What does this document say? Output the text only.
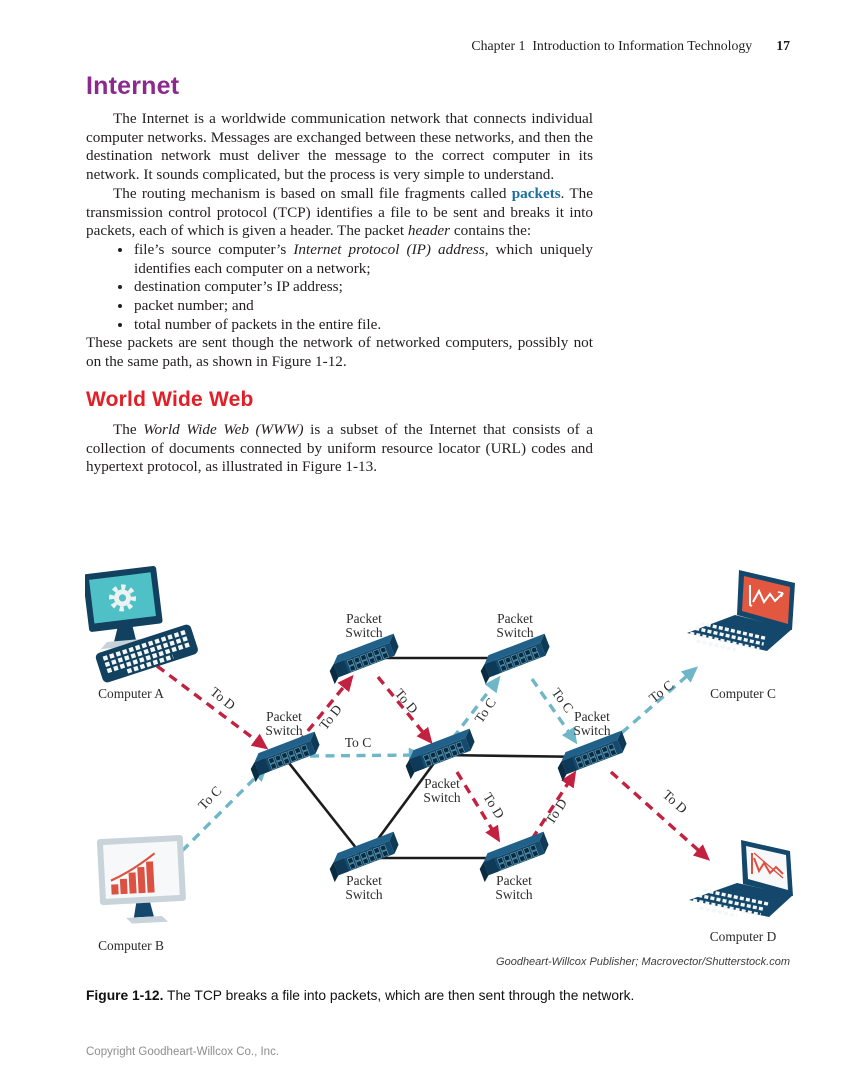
Chapter 1  Introduction to Information Technology 17
Internet

The Internet is a worldwide communication network that connects individual computer networks. Messages are exchanged between these networks, and then the destination network must deliver the message to the correct computer in its network. It sounds complicated, but the process is very simple to understand.

The routing mechanism is based on small file fragments called packets. The transmission control protocol (TCP) identifies a file to be sent and breaks it into packets, each of which is given a header. The packet header contains the:

• file’s source computer’s Internet protocol (IP) address, which uniquely identifies each computer on a network;
• destination computer’s IP address;
• packet number; and
• total number of packets in the entire file.

These packets are sent though the network of networked computers, possibly not on the same path, as shown in Figure 1-12.

World Wide Web

The World Wide Web (WWW) is a subset of the Internet that consists of a collection of documents connected by uniform resource locator (URL) codes and hypertext protocol, as illustrated in Figure 1-13.

Packet
Switch
Packet
Switch
Packet
Switch
Packet
Switch
Packet
Switch
Packet
Switch
Packet
Switch
Computer A
Computer B
Computer C
Computer D
To D
To D
To D
To D	To D	To D
To C
To C
To C	To C	To C
Goodheart-Willcox Publisher; Macrovector/Shutterstock.com

Figure 1-12. The TCP breaks a file into packets, which are then sent through the network.

Copyright Goodheart-Willcox Co., Inc.
